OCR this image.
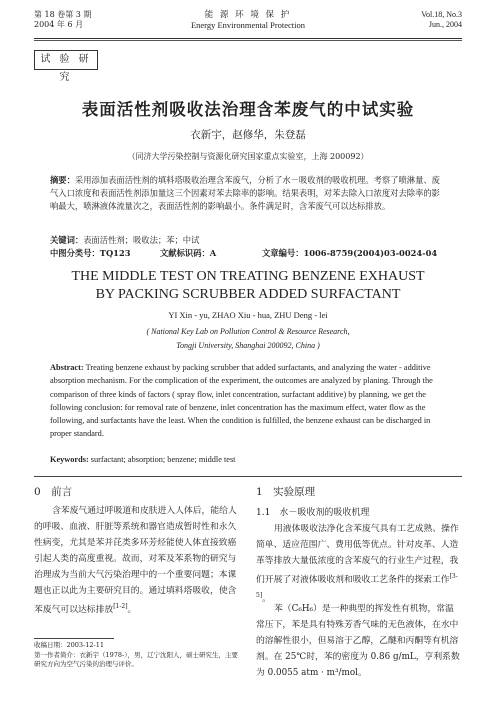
第 18 卷第 3 期
2004 年 6 月
能 源 环 境 保 护
Energy Environmental Protection
Vol.18, No.3
Jun., 2004
试 验 研 究
表面活性剂吸收法治理含苯废气的中试实验
衣新宇，赵修华，朱登磊
（同济大学污染控制与资源化研究国家重点实验室，上海 200092）
摘要：采用添加表面活性剂的填料塔吸收治理含苯废气，分析了水－吸收剂的吸收机理。考察了喷淋量、废气入口浓度和表面活性剂添加量这三个因素对苯去除率的影响。结果表明，对苯去除入口浓度对去除率的影响最大，喷淋液体流量次之，表面活性剂的影响最小。条件满足时，含苯废气可以达标排放。
关键词：表面活性剂；吸收法；苯；中试
中图分类号：TQ123	文献标识码：A	文章编号：1006-8759(2004)03-0024-04
THE MIDDLE TEST ON TREATING BENZENE EXHAUST
BY PACKING SCRUBBER ADDED SURFACTANT
YI Xin - yu, ZHAO Xiu - hua, ZHU Deng - lei
( National Key Lab on Pollution Control & Resource Research,
Tongji University, Shanghai 200092, China )
Abstract: Treating benzene exhaust by packing scrubber that added surfactants, and analyzing the water - additive absorption mechanism. For the complication of the experiment, the outcomes are analyzed by planing. Through the comparison of three kinds of factors ( spray flow, inlet concentration, surfactant additive) by planning, we get the following conclusion: for removal rate of benzene, inlet concentration has the maximum effect, water flow as the following, and surfactants have the least. When the condition is fulfilled, the benzene exhaust can be discharged in proper standard.
Keywords: surfactant; absorption; benzene; middle test
0　前言
含苯废气通过呼吸道和皮肤进入人体后，能给人的呼吸、血液、肝脏等系统和器官造成暂时性和永久性病变，尤其是苯并芘类多环芳烃能使人体直接致癌引起人类的高度重视。故而，对苯及苯系物的研究与治理成为当前大气污染治理中的一个重要问题；本课题也正以此为主要研究目的。通过填料塔吸收，使含苯废气可以达标排放[1-2]。
收稿日期：2003-12-11
第一作者简介：衣新宇（1978-），男，辽宁沈阳人，硕士研究生，主要研究方向为空气污染的治理与评价。
1　实验原理
1.1　水－吸收剂的吸收机理
用液体吸收法净化含苯废气具有工艺成熟、操作简单、适应范围广、费用低等优点。针对皮革、人造革等排放大量低浓度的含苯废气的行业生产过程，我们开展了对液体吸收剂和吸收工艺条件的探索工作[3-5]。
苯（C₆H₆）是一种典型的挥发性有机物，常温常压下，苯是具有特殊芳香气味的无色液体，在水中的溶解性很小，但易溶于乙醇，乙醚和丙酮等有机溶剂。在 25℃时，苯的密度为 0.86 g/mL，亨利系数为 0.0055 atm · m³/mol。
